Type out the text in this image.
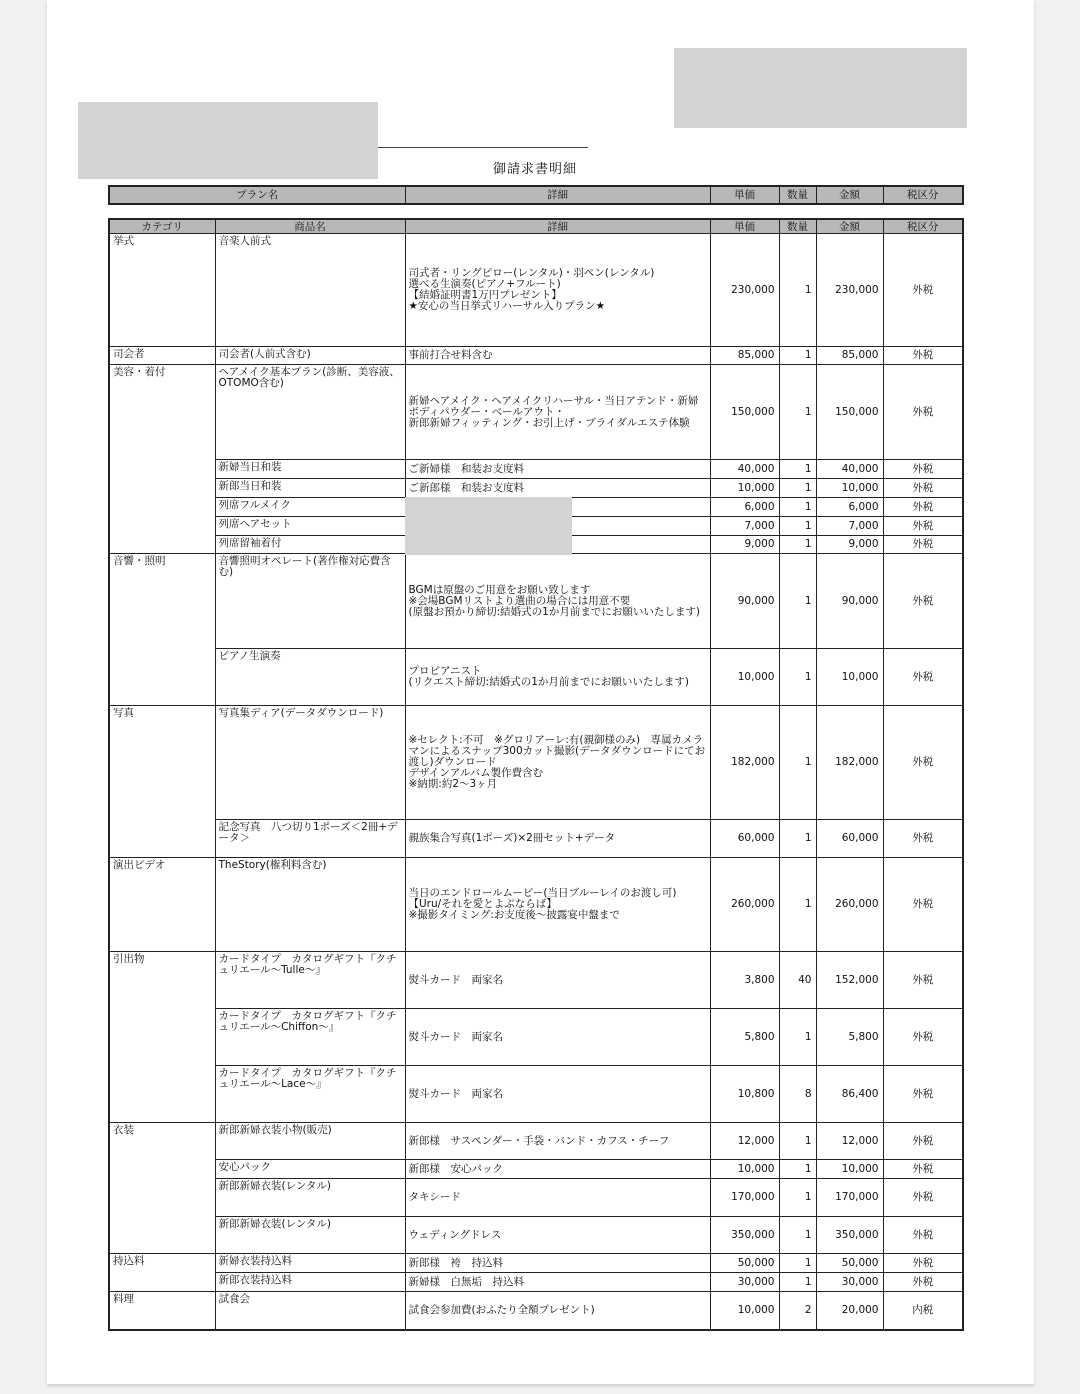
御請求書明細
プラン名	詳細	単価	数量	金額	税区分
カテゴリ	商品名	詳細	単価	数量	金額	税区分
挙式	音楽人前式	司式者・リングピロー(レンタル)・羽ペン(レンタル)
選べる生演奏(ピアノ+フルート)
【結婚証明書1万円プレゼント】
★安心の当日挙式リハーサル入りプラン★	230,000	1	230,000	外税
司会者	司会者(人前式含む)	事前打合せ料含む	85,000	1	85,000	外税
美容・着付	ヘアメイク基本プラン(診断、美容液、OTOMO含む)	新婦ヘアメイク・ヘアメイクリハーサル・当日アテンド・新婦ボディパウダー・ベールアウト・
新郎新婦フィッティング・お引上げ・ブライダルエステ体験	150,000	1	150,000	外税
	新婦当日和装	ご新婦様　和装お支度料	40,000	1	40,000	外税
	新郎当日和装	ご新郎様　和装お支度料	10,000	1	10,000	外税
	列席フルメイク		6,000	1	6,000	外税
	列席ヘアセット		7,000	1	7,000	外税
	列席留袖着付		9,000	1	9,000	外税
音響・照明	音響照明オペレート(著作権対応費含む)	BGMは原盤のご用意をお願い致します
※会場BGMリストより選曲の場合には用意不要
(原盤お預かり締切:結婚式の1か月前までにお願いいたします)	90,000	1	90,000	外税
	ピアノ生演奏	プロピアニスト
(リクエスト締切:結婚式の1か月前までにお願いいたします)	10,000	1	10,000	外税
写真	写真集ディア(データダウンロード)	※セレクト:不可　※グロリアーレ:有(親御様のみ)　専属カメラマンによるスナップ300カット撮影(データダウンロードにてお渡し)ダウンロード
デザインアルバム製作費含む
※納期:約2〜3ヶ月	182,000	1	182,000	外税
	記念写真　八つ切り1ポーズ＜2冊+データ＞	親族集合写真(1ポーズ)×2冊セット+データ	60,000	1	60,000	外税
演出ビデオ	TheStory(権利料含む)	当日のエンドロールムービー(当日ブルーレイのお渡し可)
【Uru/それを愛とよぶならば】
※撮影タイミング:お支度後〜披露宴中盤まで	260,000	1	260,000	外税
引出物	カードタイプ　カタログギフト『クチュリエール〜Tulle〜』	熨斗カード　両家名	3,800	40	152,000	外税
	カードタイプ　カタログギフト『クチュリエール〜Chiffon〜』	熨斗カード　両家名	5,800	1	5,800	外税
	カードタイプ　カタログギフト『クチュリエール〜Lace〜』	熨斗カード　両家名	10,800	8	86,400	外税
衣装	新郎新婦衣装小物(販売)	新郎様　サスペンダー・手袋・バンド・カフス・チーフ	12,000	1	12,000	外税
	安心パック	新郎様　安心パック	10,000	1	10,000	外税
	新郎新婦衣装(レンタル)	タキシード	170,000	1	170,000	外税
	新郎新婦衣装(レンタル)	ウェディングドレス	350,000	1	350,000	外税
持込料	新婦衣装持込料	新郎様　袴　持込料	50,000	1	50,000	外税
	新郎衣装持込料	新婦様　白無垢　持込料	30,000	1	30,000	外税
料理	試食会	試食会参加費(おふたり全額プレゼント)	10,000	2	20,000	内税
